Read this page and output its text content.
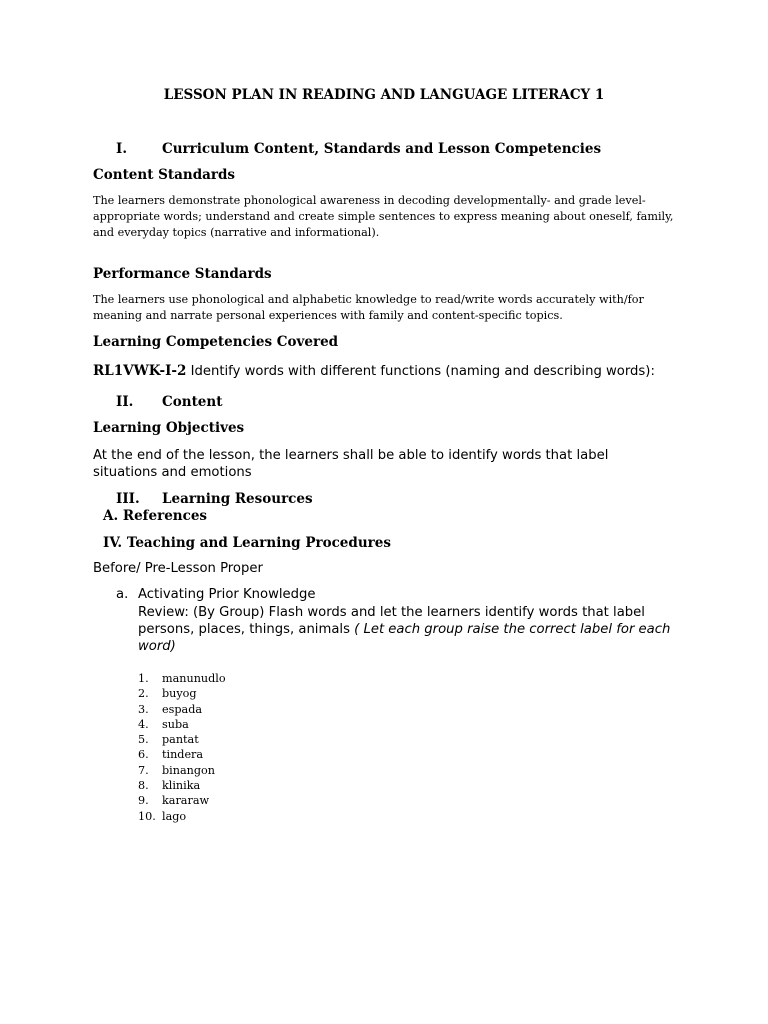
LESSON PLAN IN READING AND LANGUAGE LITERACY 1
I.	Curriculum Content, Standards and Lesson Competencies
Content Standards

The learners demonstrate phonological awareness in decoding developmentally- and grade level-appropriate words; understand and create simple sentences to express meaning about oneself, family, and everyday topics (narrative and informational).

Performance Standards

The learners use phonological and alphabetic knowledge to read/write words accurately with/for meaning and narrate personal experiences with family and content-specific topics.

Learning Competencies Covered

RL1VWK-I-2 Identify words with different functions (naming and describing words):

II. Content
Learning Objectives

At the end of the lesson, the learners shall be able to identify words that label situations and emotions

III. Learning Resources
A. References
IV. Teaching and Learning Procedures

Before/ Pre-Lesson Proper

a. Activating Prior Knowledge

Review: (By Group) Flash words and let the learners identify words that label persons, places, things, animals ( Let each group raise the correct label for each word)

1. manunudlo
2. buyog
3. espada
4. suba
5. pantat
6. tindera
7. binangon
8. klinika
9. kararaw
10. lago
